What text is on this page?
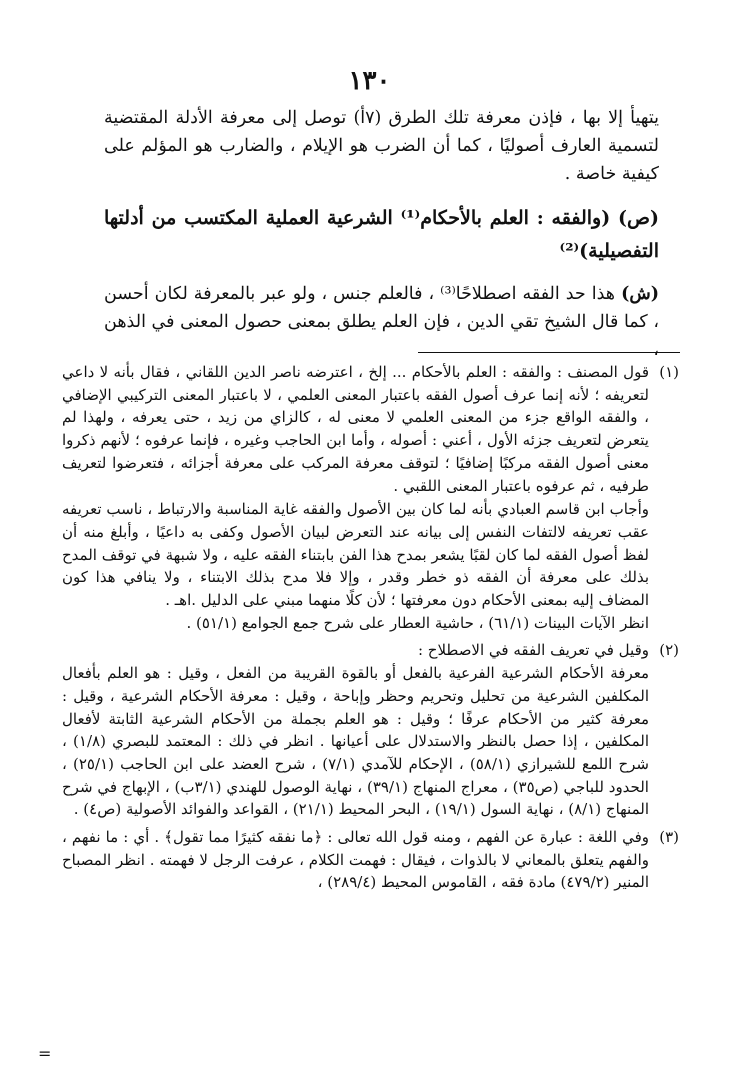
١٣٠

يتهيأ إلا بها ، فإذن معرفة تلك الطرق (٧أ) توصل إلى معرفة الأدلة المقتضية لتسمية العارف أصوليًا ، كما أن الضرب هو الإيلام ، والضارب هو المؤلم على كيفية خاصة .

(ص) (والفقه : العلم بالأحكام⁽¹⁾ الشرعية العملية المكتسب من أدلتها التفصيلية)⁽²⁾

(ش) هذا حد الفقه اصطلاحًا⁽³⁾ ، فالعلم جنس ، ولو عبر بالمعرفة لكان أحسن ، كما قال الشيخ تقي الدين ، فإن العلم يطلق بمعنى حصول المعنى في الذهن ،

(١)

قول المصنف : والفقه : العلم بالأحكام ... إلخ ، اعترضه ناصر الدين اللقاني ، فقال بأنه لا داعي لتعريفه ؛ لأنه إنما عرف أصول الفقه باعتبار المعنى العلمي ، لا باعتبار المعنى التركيبي الإضافي ، والفقه الواقع جزء من المعنى العلمي لا معنى له ، كالزاي من زيد ، حتى يعرفه ، ولهذا لم يتعرض لتعريف جزئه الأول ، أعني : أصوله ، وأما ابن الحاجب وغيره ، فإنما عرفوه ؛ لأنهم ذكروا معنى أصول الفقه مركبًا إضافيًا ؛ لتوقف معرفة المركب على معرفة أجزائه ، فتعرضوا لتعريف طرفيه ، ثم عرفوه باعتبار المعنى اللقبي .

وأجاب ابن قاسم العبادي بأنه لما كان بين الأصول والفقه غاية المناسبة والارتباط ، ناسب تعريفه عقب تعريفه لالتفات النفس إلى بيانه عند التعرض لبيان الأصول وكفى به داعيًا ، وأبلغ منه أن لفظ أصول الفقه لما كان لقبًا يشعر بمدح هذا الفن بابتناء الفقه عليه ، ولا شبهة في توقف المدح بذلك على معرفة أن الفقه ذو خطر وقدر ، وإلا فلا مدح بذلك الابتناء ، ولا ينافي هذا كون المضاف إليه بمعنى الأحكام دون معرفتها ؛ لأن كلًا منهما مبني على الدليل .اهـ .

انظر الآيات البينات (٦١/١) ، حاشية العطار على شرح جمع الجوامع (٥١/١) .

(٢)

وقيل في تعريف الفقه في الاصطلاح :

معرفة الأحكام الشرعية الفرعية بالفعل أو بالقوة القريبة من الفعل ، وقيل : هو العلم بأفعال المكلفين الشرعية من تحليل وتحريم وحظر وإباحة ، وقيل : معرفة الأحكام الشرعية ، وقيل : معرفة كثير من الأحكام عرفًا ؛ وقيل : هو العلم بجملة من الأحكام الشرعية الثابتة لأفعال المكلفين ، إذا حصل بالنظر والاستدلال على أعيانها . انظر في ذلك : المعتمد للبصري (١/٨) ، شرح اللمع للشيرازي (٥٨/١) ، الإحكام للآمدي (٧/١) ، شرح العضد على ابن الحاجب (٢٥/١) ، الحدود للباجي (ص٣٥) ، معراج المنهاج (٣٩/١) ، نهاية الوصول للهندي (٣/١ب) ، الإبهاج في شرح المنهاج (٨/١) ، نهاية السول (١٩/١) ، البحر المحيط (٢١/١) ، القواعد والفوائد الأصولية (ص٤) .

(٣)

وفي اللغة : عبارة عن الفهم ، ومنه قول الله تعالى : ﴿ما نفقه كثيرًا مما تقول﴾ . أي : ما نفهم ، والفهم يتعلق بالمعاني لا بالذوات ، فيقال : فهمت الكلام ، عرفت الرجل لا فهمته . انظر المصباح المنير (٤٧٩/٢) مادة فقه ، القاموس المحيط (٢٨٩/٤) ،

=
